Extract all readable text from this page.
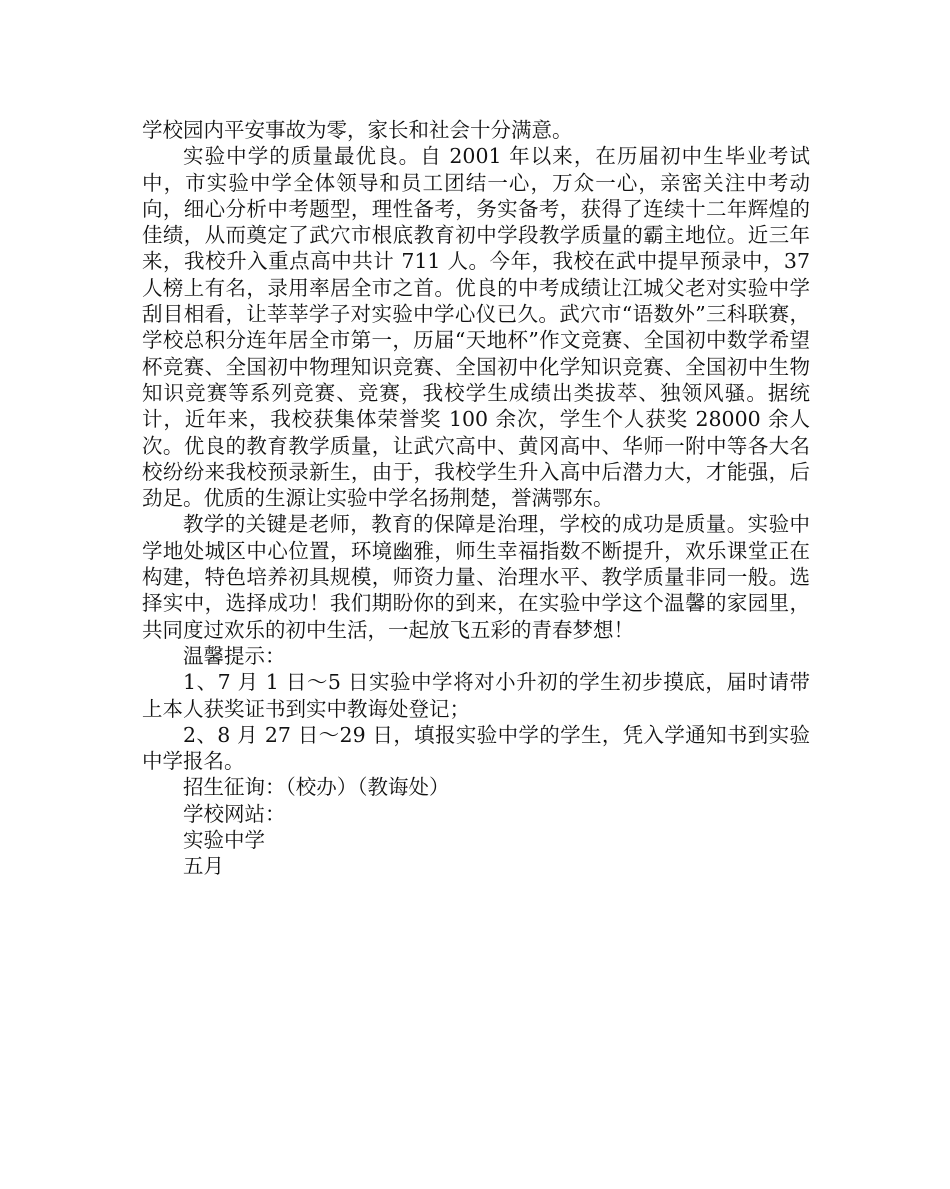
学校园内平安事故为零，家长和社会十分满意。

实验中学的质量最优良。自 2001 年以来，在历届初中生毕业考试中，市实验中学全体领导和员工团结一心，万众一心，亲密关注中考动向，细心分析中考题型，理性备考，务实备考，获得了连续十二年辉煌的佳绩，从而奠定了武穴市根底教育初中学段教学质量的霸主地位。近三年来，我校升入重点高中共计 711 人。今年，我校在武中提早预录中，37 人榜上有名，录用率居全市之首。优良的中考成绩让江城父老对实验中学刮目相看，让莘莘学子对实验中学心仪已久。武穴市“语数外”三科联赛，学校总积分连年居全市第一，历届“天地杯”作文竞赛、全国初中数学希望杯竞赛、全国初中物理知识竞赛、全国初中化学知识竞赛、全国初中生物知识竞赛等系列竞赛、竞赛，我校学生成绩出类拔萃、独领风骚。据统计，近年来，我校获集体荣誉奖 100 余次，学生个人获奖 28000 余人次。优良的教育教学质量，让武穴高中、黄冈高中、华师一附中等各大名校纷纷来我校预录新生，由于，我校学生升入高中后潜力大，才能强，后劲足。优质的生源让实验中学名扬荆楚，誉满鄂东。

教学的关键是老师，教育的保障是治理，学校的成功是质量。实验中学地处城区中心位置，环境幽雅，师生幸福指数不断提升，欢乐课堂正在构建，特色培养初具规模，师资力量、治理水平、教学质量非同一般。选择实中，选择成功！我们期盼你的到来，在实验中学这个温馨的家园里，共同度过欢乐的初中生活，一起放飞五彩的青春梦想！

温馨提示：

1、7 月 1 日～5 日实验中学将对小升初的学生初步摸底，届时请带上本人获奖证书到实中教诲处登记；

2、8 月 27 日～29 日，填报实验中学的学生，凭入学通知书到实验中学报名。

招生征询：（校办）（教诲处）

学校网站：

实验中学

五月
